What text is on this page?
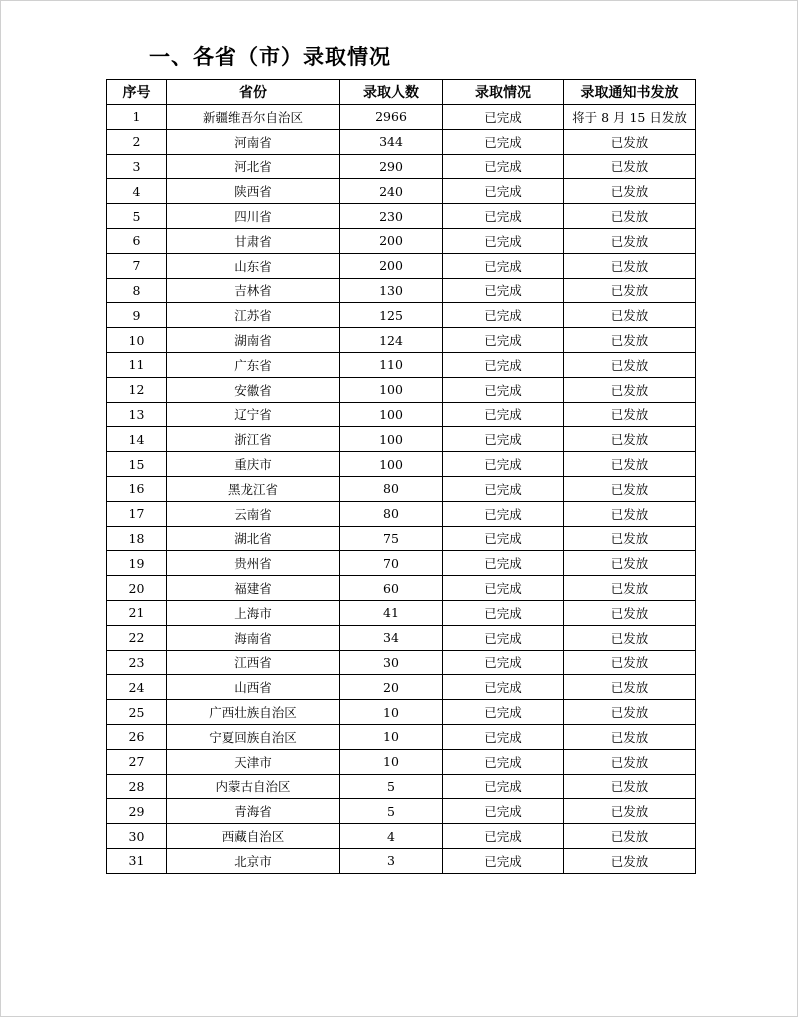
一、各省（市）录取情况
序号	省份	录取人数	录取情况	录取通知书发放
1	新疆维吾尔自治区	2966	已完成	将于 8 月 15 日发放
2	河南省	344	已完成	已发放
3	河北省	290	已完成	已发放
4	陕西省	240	已完成	已发放
5	四川省	230	已完成	已发放
6	甘肃省	200	已完成	已发放
7	山东省	200	已完成	已发放
8	吉林省	130	已完成	已发放
9	江苏省	125	已完成	已发放
10	湖南省	124	已完成	已发放
11	广东省	110	已完成	已发放
12	安徽省	100	已完成	已发放
13	辽宁省	100	已完成	已发放
14	浙江省	100	已完成	已发放
15	重庆市	100	已完成	已发放
16	黑龙江省	80	已完成	已发放
17	云南省	80	已完成	已发放
18	湖北省	75	已完成	已发放
19	贵州省	70	已完成	已发放
20	福建省	60	已完成	已发放
21	上海市	41	已完成	已发放
22	海南省	34	已完成	已发放
23	江西省	30	已完成	已发放
24	山西省	20	已完成	已发放
25	广西壮族自治区	10	已完成	已发放
26	宁夏回族自治区	10	已完成	已发放
27	天津市	10	已完成	已发放
28	内蒙古自治区	5	已完成	已发放
29	青海省	5	已完成	已发放
30	西藏自治区	4	已完成	已发放
31	北京市	3	已完成	已发放
